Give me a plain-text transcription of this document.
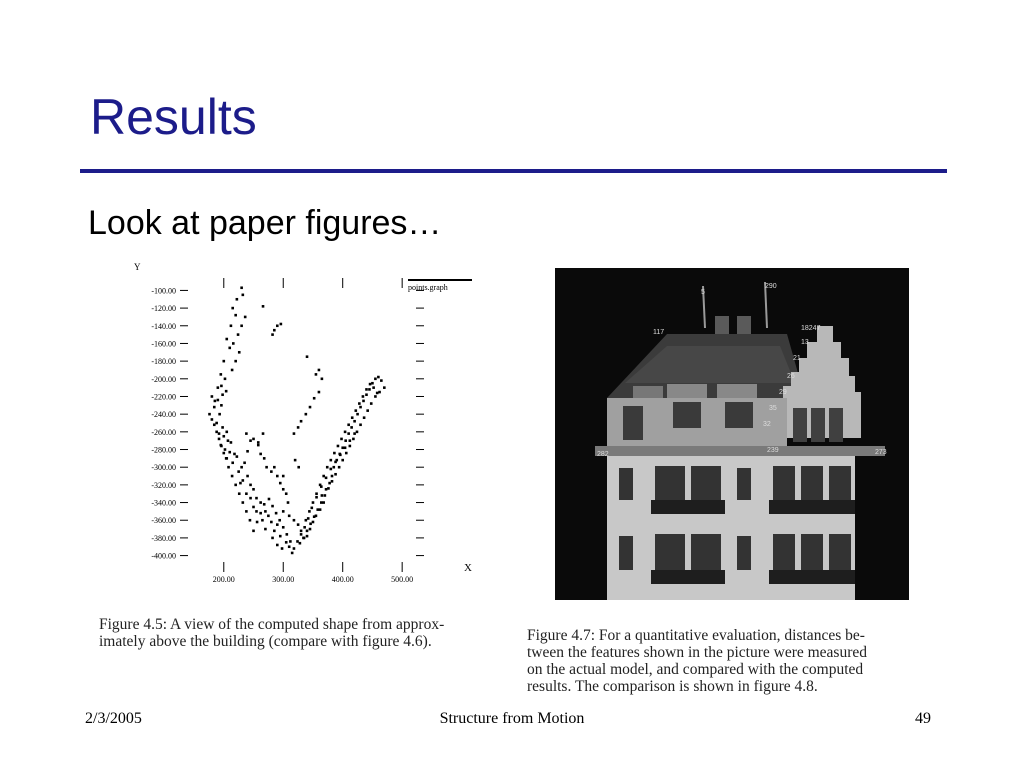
Results
Look at paper figures…
-100.00
-120.00
-140.00
-160.00
-180.00
-200.00
-220.00
-240.00
-260.00
-280.00
-300.00
-320.00
-340.00
-360.00
-380.00
-400.00
200.00	300.00	400.00	500.00
Y
X
points.graph
Figure 4.5: A view of the computed shape from approx-
imately above the building (compare with figure 4.6).
5
290
117
18247
13
21
26
29
35
32
239
282	273
Figure 4.7: For a quantitative evaluation, distances be-
tween the features shown in the picture were measured
on the actual model, and compared with the computed
results. The comparison is shown in figure 4.8.
2/3/2005	Structure from Motion	49
